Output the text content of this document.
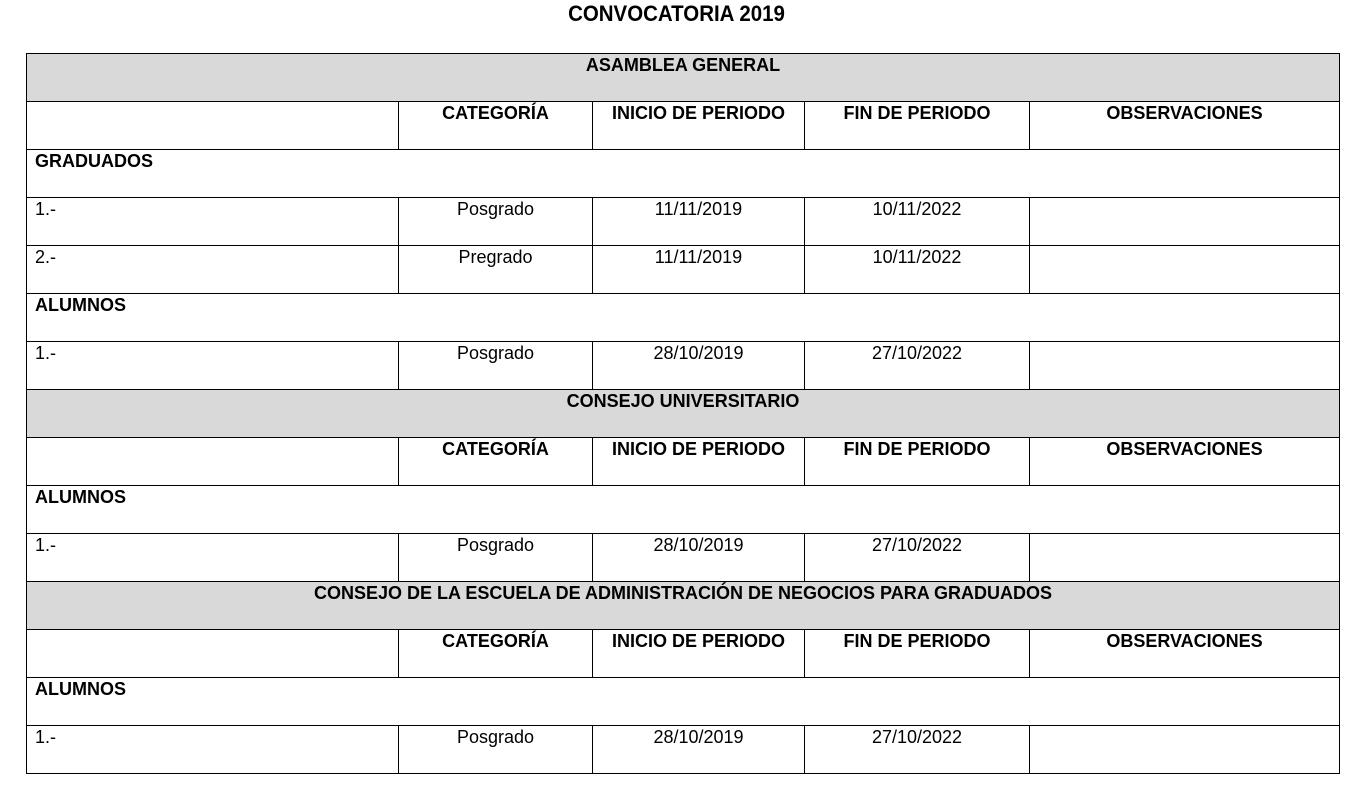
CONVOCATORIA 2019
ASAMBLEA GENERAL				
	CATEGORÍA	INICIO DE PERIODO	FIN DE PERIODO	OBSERVACIONES
GRADUADOS				
1.-	Posgrado	11/11/2019	10/11/2022	
2.-	Pregrado	11/11/2019	10/11/2022	
ALUMNOS				
1.-	Posgrado	28/10/2019	27/10/2022	
CONSEJO UNIVERSITARIO				
	CATEGORÍA	INICIO DE PERIODO	FIN DE PERIODO	OBSERVACIONES
ALUMNOS				
1.-	Posgrado	28/10/2019	27/10/2022	
CONSEJO DE LA ESCUELA DE ADMINISTRACIÓN DE NEGOCIOS PARA GRADUADOS				
	CATEGORÍA	INICIO DE PERIODO	FIN DE PERIODO	OBSERVACIONES
ALUMNOS				
1.-	Posgrado	28/10/2019	27/10/2022	
